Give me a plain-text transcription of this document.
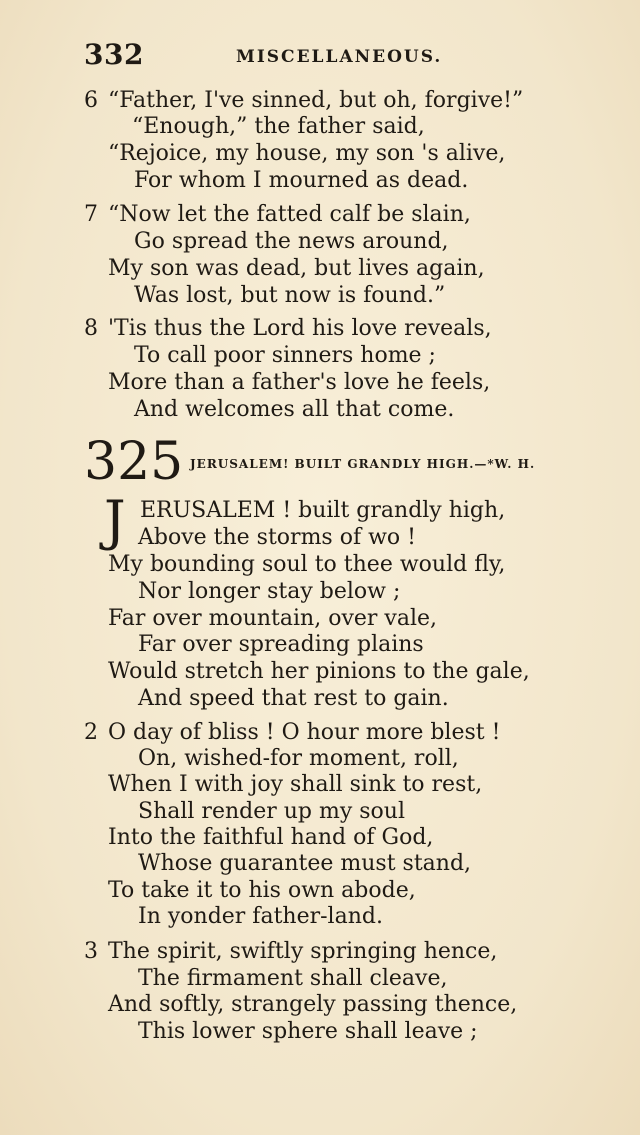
332	MISCELLANEOUS.
6 “Father, I've sinned, but oh, forgive!”
“Enough,” the father said,
“Rejoice, my house, my son 's alive,
For whom I mourned as dead.
7 “Now let the fatted calf be slain,
Go spread the news around,
My son was dead, but lives again,
Was lost, but now is found.”
8 'Tis thus the Lord his love reveals,
To call poor sinners home ;
More than a father's love he feels,
And welcomes all that come.
325 JERUSALEM! BUILT GRANDLY HIGH.—*W. H.
J ERUSALEM ! built grandly high,
Above the storms of wo !
My bounding soul to thee would fly,
Nor longer stay below ;
Far over mountain, over vale,
Far over spreading plains
Would stretch her pinions to the gale,
And speed that rest to gain.
2 O day of bliss ! O hour more blest !
On, wished-for moment, roll,
When I with joy shall sink to rest,
Shall render up my soul
Into the faithful hand of God,
Whose guarantee must stand,
To take it to his own abode,
In yonder father-land.
3 The spirit, swiftly springing hence,
The firmament shall cleave,
And softly, strangely passing thence,
This lower sphere shall leave ;
